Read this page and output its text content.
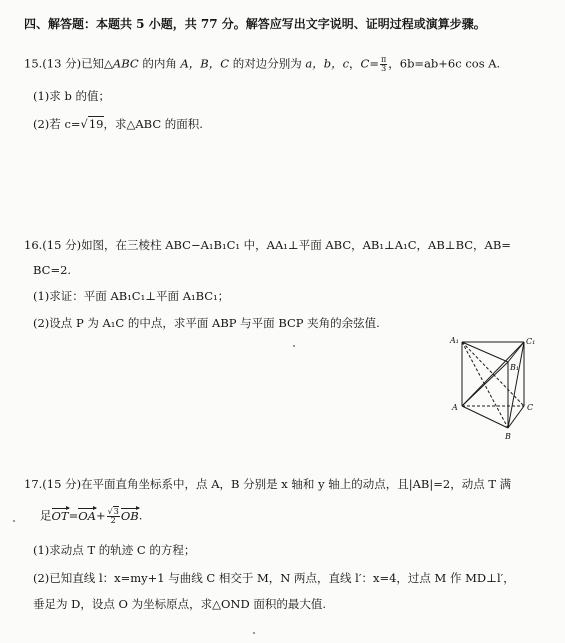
四、解答题：本题共 5 小题，共 77 分。解答应写出文字说明、证明过程或演算步骤。
15.(13 分)已知△ABC 的内角 A，B，C 的对边分别为 a，b，c，$C= \frac{\pi}{3}$ ，6b=ab+6c cos A.
(1)求 b 的值；
(2)若 c=√19，求△ABC 的面积.
16.(15 分)如图，在三棱柱 ABC−A₁B₁C₁ 中，AA₁⊥平面 ABC，AB₁⊥A₁C，AB⊥BC，AB=
BC=2.
(1)求证：平面 AB₁C₁⊥平面 A₁BC₁；
(2)设点 P 为 A₁C 的中点，求平面 ABP 与平面 BCP 夹角的余弦值.
A₁	C₁
B₁
A	C
B
17.(15 分)在平面直角坐标系中，点 A，B 分别是 x 轴和 y 轴上的动点，且|AB|=2，动点 T 满
足$OT=OA+ \frac{√3}{2}$ OB.
(1)求动点 T 的轨迹 C 的方程；
(2)已知直线 l：x=my+1 与曲线 C 相交于 M，N 两点，直线 l′：x=4，过点 M 作 MD⊥l′，
垂足为 D，设点 O 为坐标原点，求△OND 面积的最大值.
